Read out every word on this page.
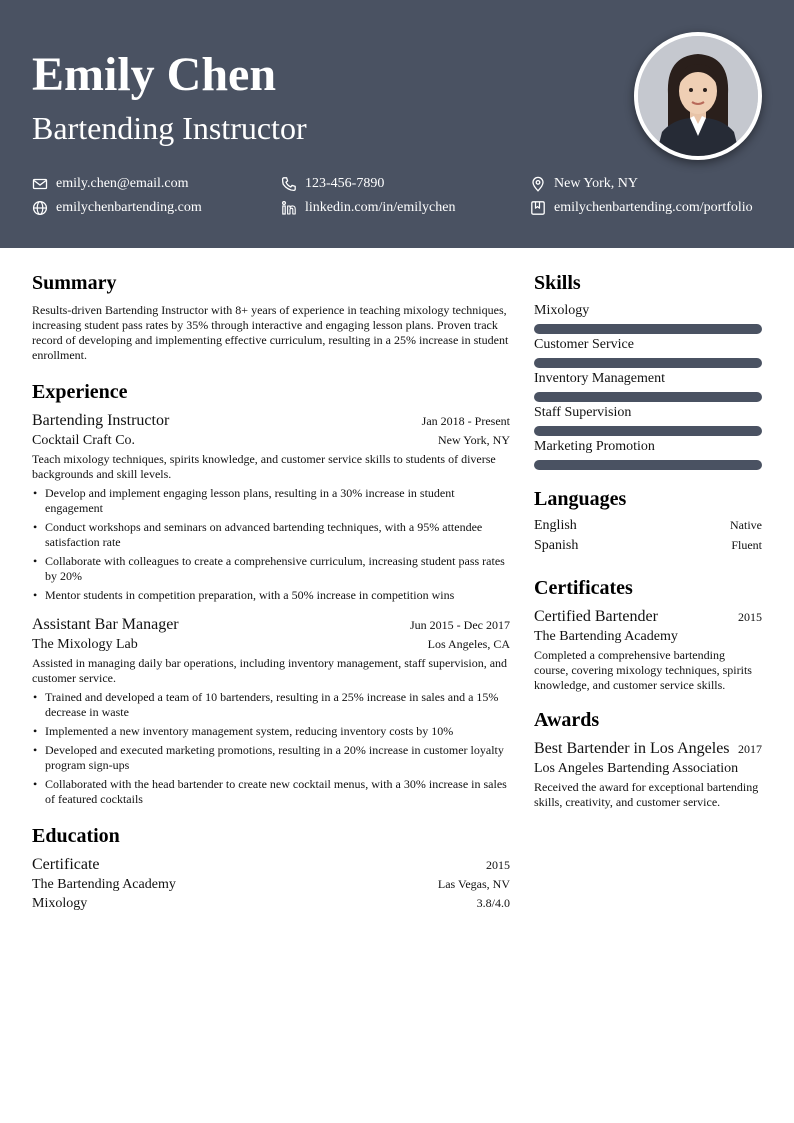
Emily Chen
Bartending Instructor
emily.chen@email.com	123-456-7890	New York, NY
emilychenbartending.com	linkedin.com/in/emilychen	emilychenbartending.com/portfolio
Summary

Results-driven Bartending Instructor with 8+ years of experience in teaching mixology techniques, increasing student pass rates by 35% through interactive and engaging lesson plans. Proven track record of developing and implementing effective curriculum, resulting in a 25% increase in student enrollment.

Experience
Bartending Instructor	Jan 2018 - Present
Cocktail Craft Co.	New York, NY

Teach mixology techniques, spirits knowledge, and customer service skills to students of diverse backgrounds and skill levels.

• Develop and implement engaging lesson plans, resulting in a 30% increase in student engagement
• Conduct workshops and seminars on advanced bartending techniques, with a 95% attendee satisfaction rate
• Collaborate with colleagues to create a comprehensive curriculum, increasing student pass rates by 20%
• Mentor students in competition preparation, with a 50% increase in competition wins
Assistant Bar Manager	Jun 2015 - Dec 2017
The Mixology Lab	Los Angeles, CA

Assisted in managing daily bar operations, including inventory management, staff supervision, and customer service.

• Trained and developed a team of 10 bartenders, resulting in a 25% increase in sales and a 15% decrease in waste
• Implemented a new inventory management system, reducing inventory costs by 10%
• Developed and executed marketing promotions, resulting in a 20% increase in customer loyalty program sign-ups
• Collaborated with the head bartender to create new cocktail menus, with a 30% increase in sales of featured cocktails
Education
Certificate	2015
The Bartending Academy	Las Vegas, NV
Mixology	3.8/4.0
Skills
Mixology
Customer Service
Inventory Management
Staff Supervision
Marketing Promotion
Languages
English	Native
Spanish	Fluent
Certificates
Certified Bartender	2015
The Bartending Academy

Completed a comprehensive bartending course, covering mixology techniques, spirits knowledge, and customer service skills.

Awards
Best Bartender in Los Angeles 2017
Los Angeles Bartending Association

Received the award for exceptional bartending skills, creativity, and customer service.
